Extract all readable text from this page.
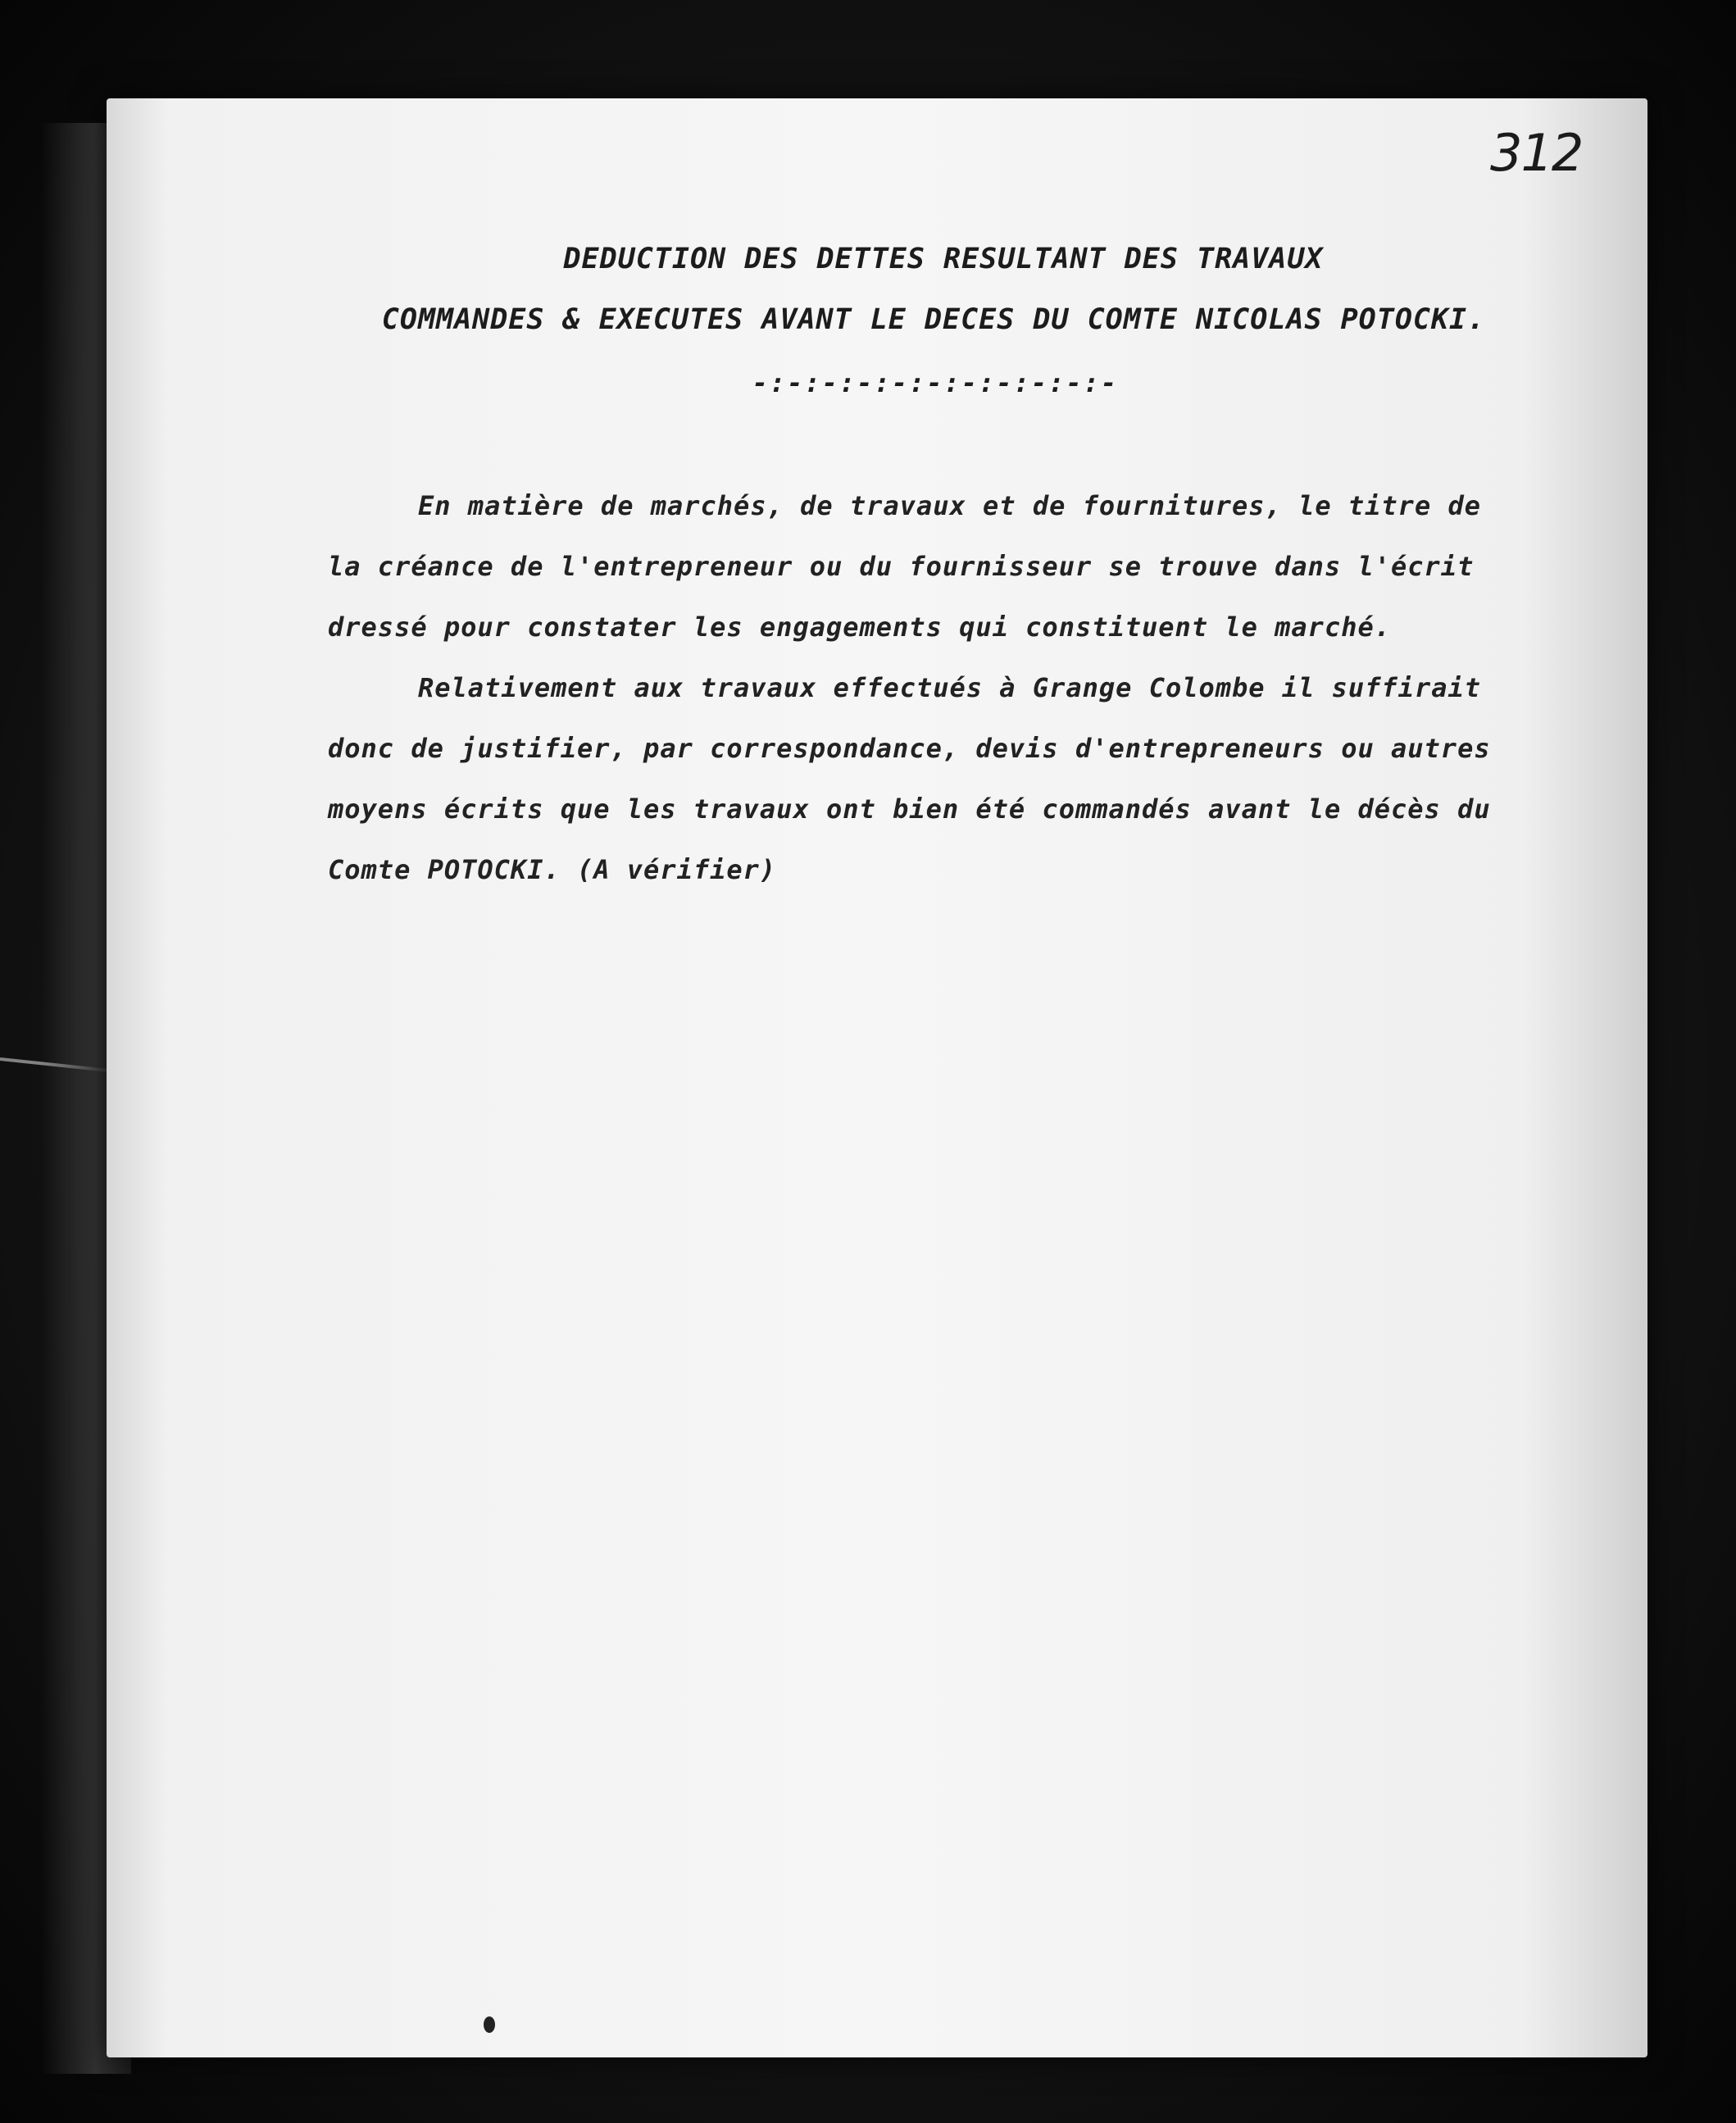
312
DEDUCTION DES DETTES RESULTANT DES TRAVAUX
COMMANDES & EXECUTES AVANT LE DECES DU COMTE NICOLAS POTOCKI.
-:-:-:-:-:-:-:-:-:-:-
En matière de marchés, de travaux et de fournitures, le titre de
la créance de l'entrepreneur ou du fournisseur se trouve dans l'écrit
dressé pour constater les engagements qui constituent le marché.
Relativement aux travaux effectués à Grange Colombe il suffirait
donc de justifier, par correspondance, devis d'entrepreneurs ou autres
moyens écrits que les travaux ont bien été commandés avant le décès du
Comte POTOCKI. (A vérifier)
